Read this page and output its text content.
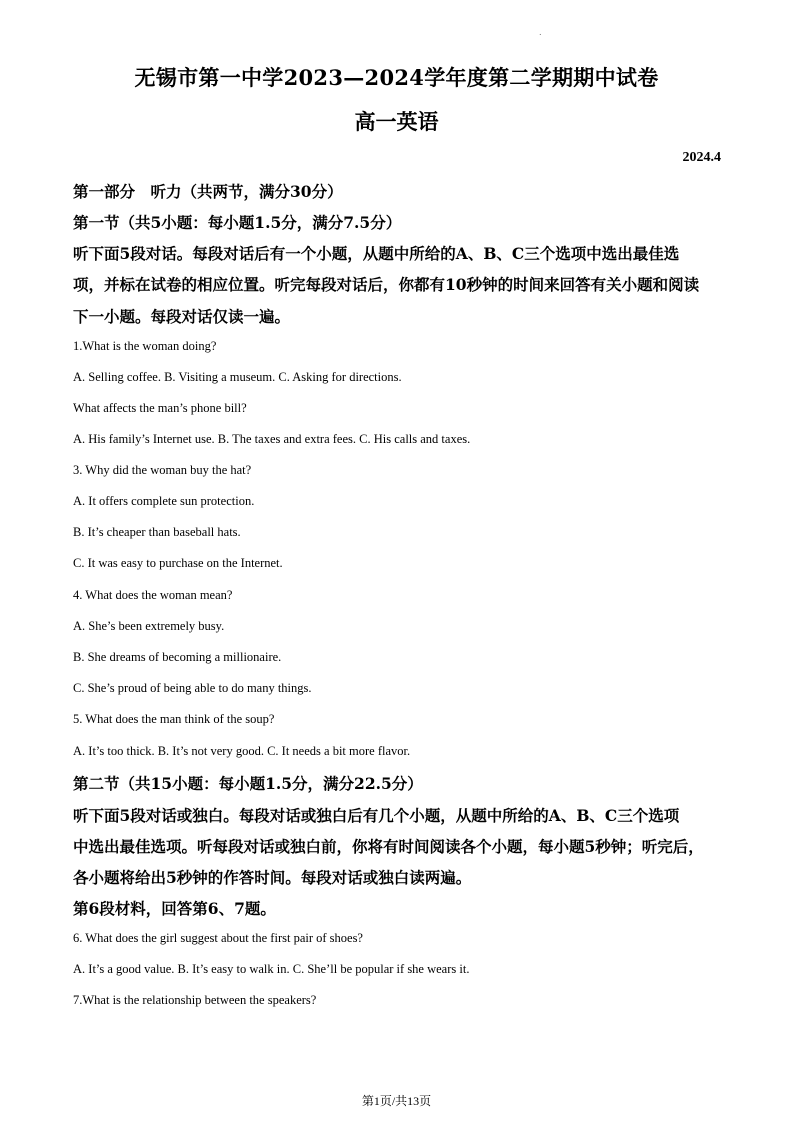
.
无锡市第一中学2023—2024学年度第二学期期中试卷
高一英语
2024.4
第一部分　听力（共两节，满分30分）
第一节（共5小题：每小题1.5分，满分7.5分）
听下面5段对话。每段对话后有一个小题，从题中所给的A、B、C三个选项中选出最佳选
项，并标在试卷的相应位置。听完每段对话后，你都有10秒钟的时间来回答有关小题和阅读
下一小题。每段对话仅读一遍。
1.What is the woman doing?
A. Selling coffee. B. Visiting a museum. C. Asking for directions.
What affects the man’s phone bill?
A. His family’s Internet use. B. The taxes and extra fees. C. His calls and taxes.
3. Why did the woman buy the hat?
A. It offers complete sun protection.
B. It’s cheaper than baseball hats.
C. It was easy to purchase on the Internet.
4. What does the woman mean?
A. She’s been extremely busy.
B. She dreams of becoming a millionaire.
C. She’s proud of being able to do many things.
5. What does the man think of the soup?
A. It’s too thick. B. It’s not very good. C. It needs a bit more flavor.
第二节（共15小题：每小题1.5分，满分22.5分）
听下面5段对话或独白。每段对话或独白后有几个小题，从题中所给的A、B、C三个选项
中选出最佳选项。听每段对话或独白前，你将有时间阅读各个小题，每小题5秒钟；听完后，
各小题将给出5秒钟的作答时间。每段对话或独白读两遍。
第6段材料，回答第6、7题。
6. What does the girl suggest about the first pair of shoes?
A. It’s a good value. B. It’s easy to walk in. C. She’ll be popular if she wears it.
7.What is the relationship between the speakers?
第1页/共13页
